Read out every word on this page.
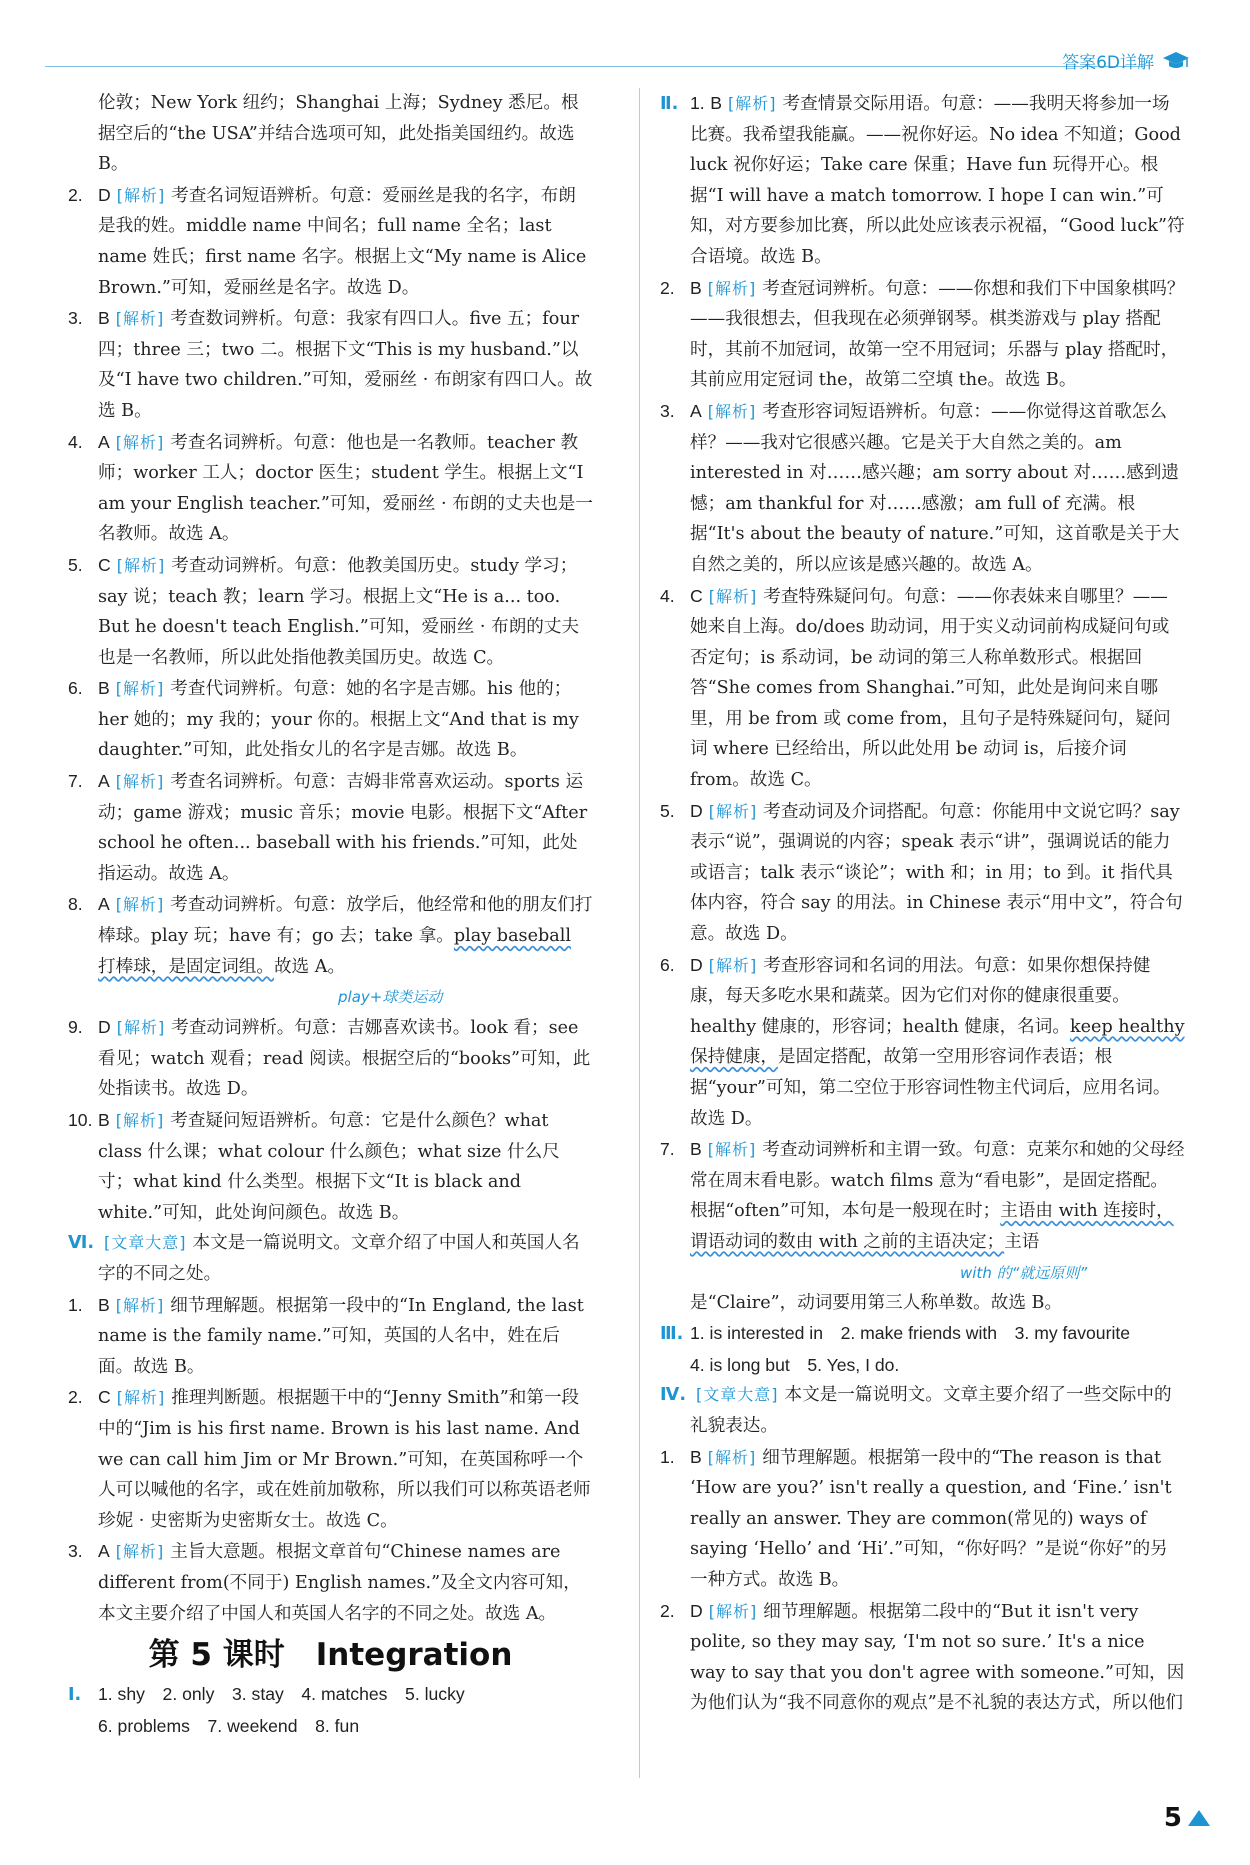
答案6D详解

伦敦；New York 纽约；Shanghai 上海；Sydney 悉尼。根据空后的“the USA”并结合选项可知，此处指美国纽约。故选 B。

2. D [解析] 考查名词短语辨析。句意：爱丽丝是我的名字，布朗是我的姓。middle name 中间名；full name 全名；last name 姓氏；first name 名字。根据上文“My name is Alice Brown.”可知，爱丽丝是名字。故选 D。

3. B [解析] 考查数词辨析。句意：我家有四口人。five 五；four 四；three 三；two 二。根据下文“This is my husband.”以及“I have two children.”可知，爱丽丝 · 布朗家有四口人。故选 B。

4. A [解析] 考查名词辨析。句意：他也是一名教师。teacher 教师；worker 工人；doctor 医生；student 学生。根据上文“I am your English teacher.”可知，爱丽丝 · 布朗的丈夫也是一名教师。故选 A。

5. C [解析] 考查动词辨析。句意：他教美国历史。study 学习；say 说；teach 教；learn 学习。根据上文“He is a... too. But he doesn't teach English.”可知，爱丽丝 · 布朗的丈夫也是一名教师，所以此处指他教美国历史。故选 C。

6. B [解析] 考查代词辨析。句意：她的名字是吉娜。his 他的；her 她的；my 我的；your 你的。根据上文“And that is my daughter.”可知，此处指女儿的名字是吉娜。故选 B。

7. A [解析] 考查名词辨析。句意：吉姆非常喜欢运动。sports 运动；game 游戏；music 音乐；movie 电影。根据下文“After school he often... baseball with his friends.”可知，此处指运动。故选 A。

8. A [解析] 考查动词辨析。句意：放学后，他经常和他的朋友们打棒球。play 玩；have 有；go 去；take 拿。play baseball 打棒球，是固定词组。故选 A。
play+球类运动

9. D [解析] 考查动词辨析。句意：吉娜喜欢读书。look 看；see 看见；watch 观看；read 阅读。根据空后的“books”可知，此处指读书。故选 D。

10. B [解析] 考查疑问短语辨析。句意：它是什么颜色？what class 什么课；what colour 什么颜色；what size 什么尺寸；what kind 什么类型。根据下文“It is black and white.”可知，此处询问颜色。故选 B。

Ⅵ. [文章大意] 本文是一篇说明文。文章介绍了中国人和英国人名字的不同之处。

1. B [解析] 细节理解题。根据第一段中的“In England, the last name is the family name.”可知，英国的人名中，姓在后面。故选 B。

2. C [解析] 推理判断题。根据题干中的“Jenny Smith”和第一段中的“Jim is his first name. Brown is his last name. And we can call him Jim or Mr Brown.”可知，在英国称呼一个人可以喊他的名字，或在姓前加敬称，所以我们可以称英语老师珍妮 · 史密斯为史密斯女士。故选 C。

3. A [解析] 主旨大意题。根据文章首句“Chinese names are different from(不同于) English names.”及全文内容可知，本文主要介绍了中国人和英国人名字的不同之处。故选 A。

第 5 课时　Integration

Ⅰ. 1. shy　2. only　3. stay　4. matches　5. lucky

6. problems　7. weekend　8. fun

Ⅱ. 1. B [解析] 考查情景交际用语。句意：——我明天将参加一场比赛。我希望我能赢。——祝你好运。No idea 不知道；Good luck 祝你好运；Take care 保重；Have fun 玩得开心。根据“I will have a match tomorrow. I hope I can win.”可知，对方要参加比赛，所以此处应该表示祝福，“Good luck”符合语境。故选 B。

2. B [解析] 考查冠词辨析。句意：——你想和我们下中国象棋吗？——我很想去，但我现在必须弹钢琴。棋类游戏与 play 搭配时，其前不加冠词，故第一空不用冠词；乐器与 play 搭配时，其前应用定冠词 the，故第二空填 the。故选 B。

3. A [解析] 考查形容词短语辨析。句意：——你觉得这首歌怎么样？——我对它很感兴趣。它是关于大自然之美的。am interested in 对……感兴趣；am sorry about 对……感到遗憾；am thankful for 对……感激；am full of 充满。根据“It's about the beauty of nature.”可知，这首歌是关于大自然之美的，所以应该是感兴趣的。故选 A。

4. C [解析] 考查特殊疑问句。句意：——你表妹来自哪里？——她来自上海。do/does 助动词，用于实义动词前构成疑问句或否定句；is 系动词，be 动词的第三人称单数形式。根据回答“She comes from Shanghai.”可知，此处是询问来自哪里，用 be from 或 come from，且句子是特殊疑问句，疑问词 where 已经给出，所以此处用 be 动词 is，后接介词 from。故选 C。

5. D [解析] 考查动词及介词搭配。句意：你能用中文说它吗？say 表示“说”，强调说的内容；speak 表示“讲”，强调说话的能力或语言；talk 表示“谈论”；with 和；in 用；to 到。it 指代具体内容，符合 say 的用法。in Chinese 表示“用中文”，符合句意。故选 D。

6. D [解析] 考查形容词和名词的用法。句意：如果你想保持健康，每天多吃水果和蔬菜。因为它们对你的健康很重要。healthy 健康的，形容词；health 健康，名词。keep healthy 保持健康，是固定搭配，故第一空用形容词作表语；根据“your”可知，第二空位于形容词性物主代词后，应用名词。故选 D。

7. B [解析] 考查动词辨析和主谓一致。句意：克莱尔和她的父母经常在周末看电影。watch films 意为“看电影”，是固定搭配。根据“often”可知，本句是一般现在时；主语由 with 连接时，谓语动词的数由 with 之前的主语决定；主语
with 的“就远原则”
是“Claire”，动词要用第三人称单数。故选 B。

Ⅲ. 1. is interested in　2. make friends with　3. my favourite

4. is long but　5. Yes, I do.

Ⅳ. [文章大意] 本文是一篇说明文。文章主要介绍了一些交际中的礼貌表达。

1. B [解析] 细节理解题。根据第一段中的“The reason is that ‘How are you?’ isn't really a question, and ‘Fine.’ isn't really an answer. They are common(常见的) ways of saying ‘Hello’ and ‘Hi’.”可知，“你好吗？”是说“你好”的另一种方式。故选 B。

2. D [解析] 细节理解题。根据第二段中的“But it isn't very polite, so they may say, ‘I'm not so sure.’ It's a nice way to say that you don't agree with someone.”可知，因为他们认为“我不同意你的观点”是不礼貌的表达方式，所以他们

5
